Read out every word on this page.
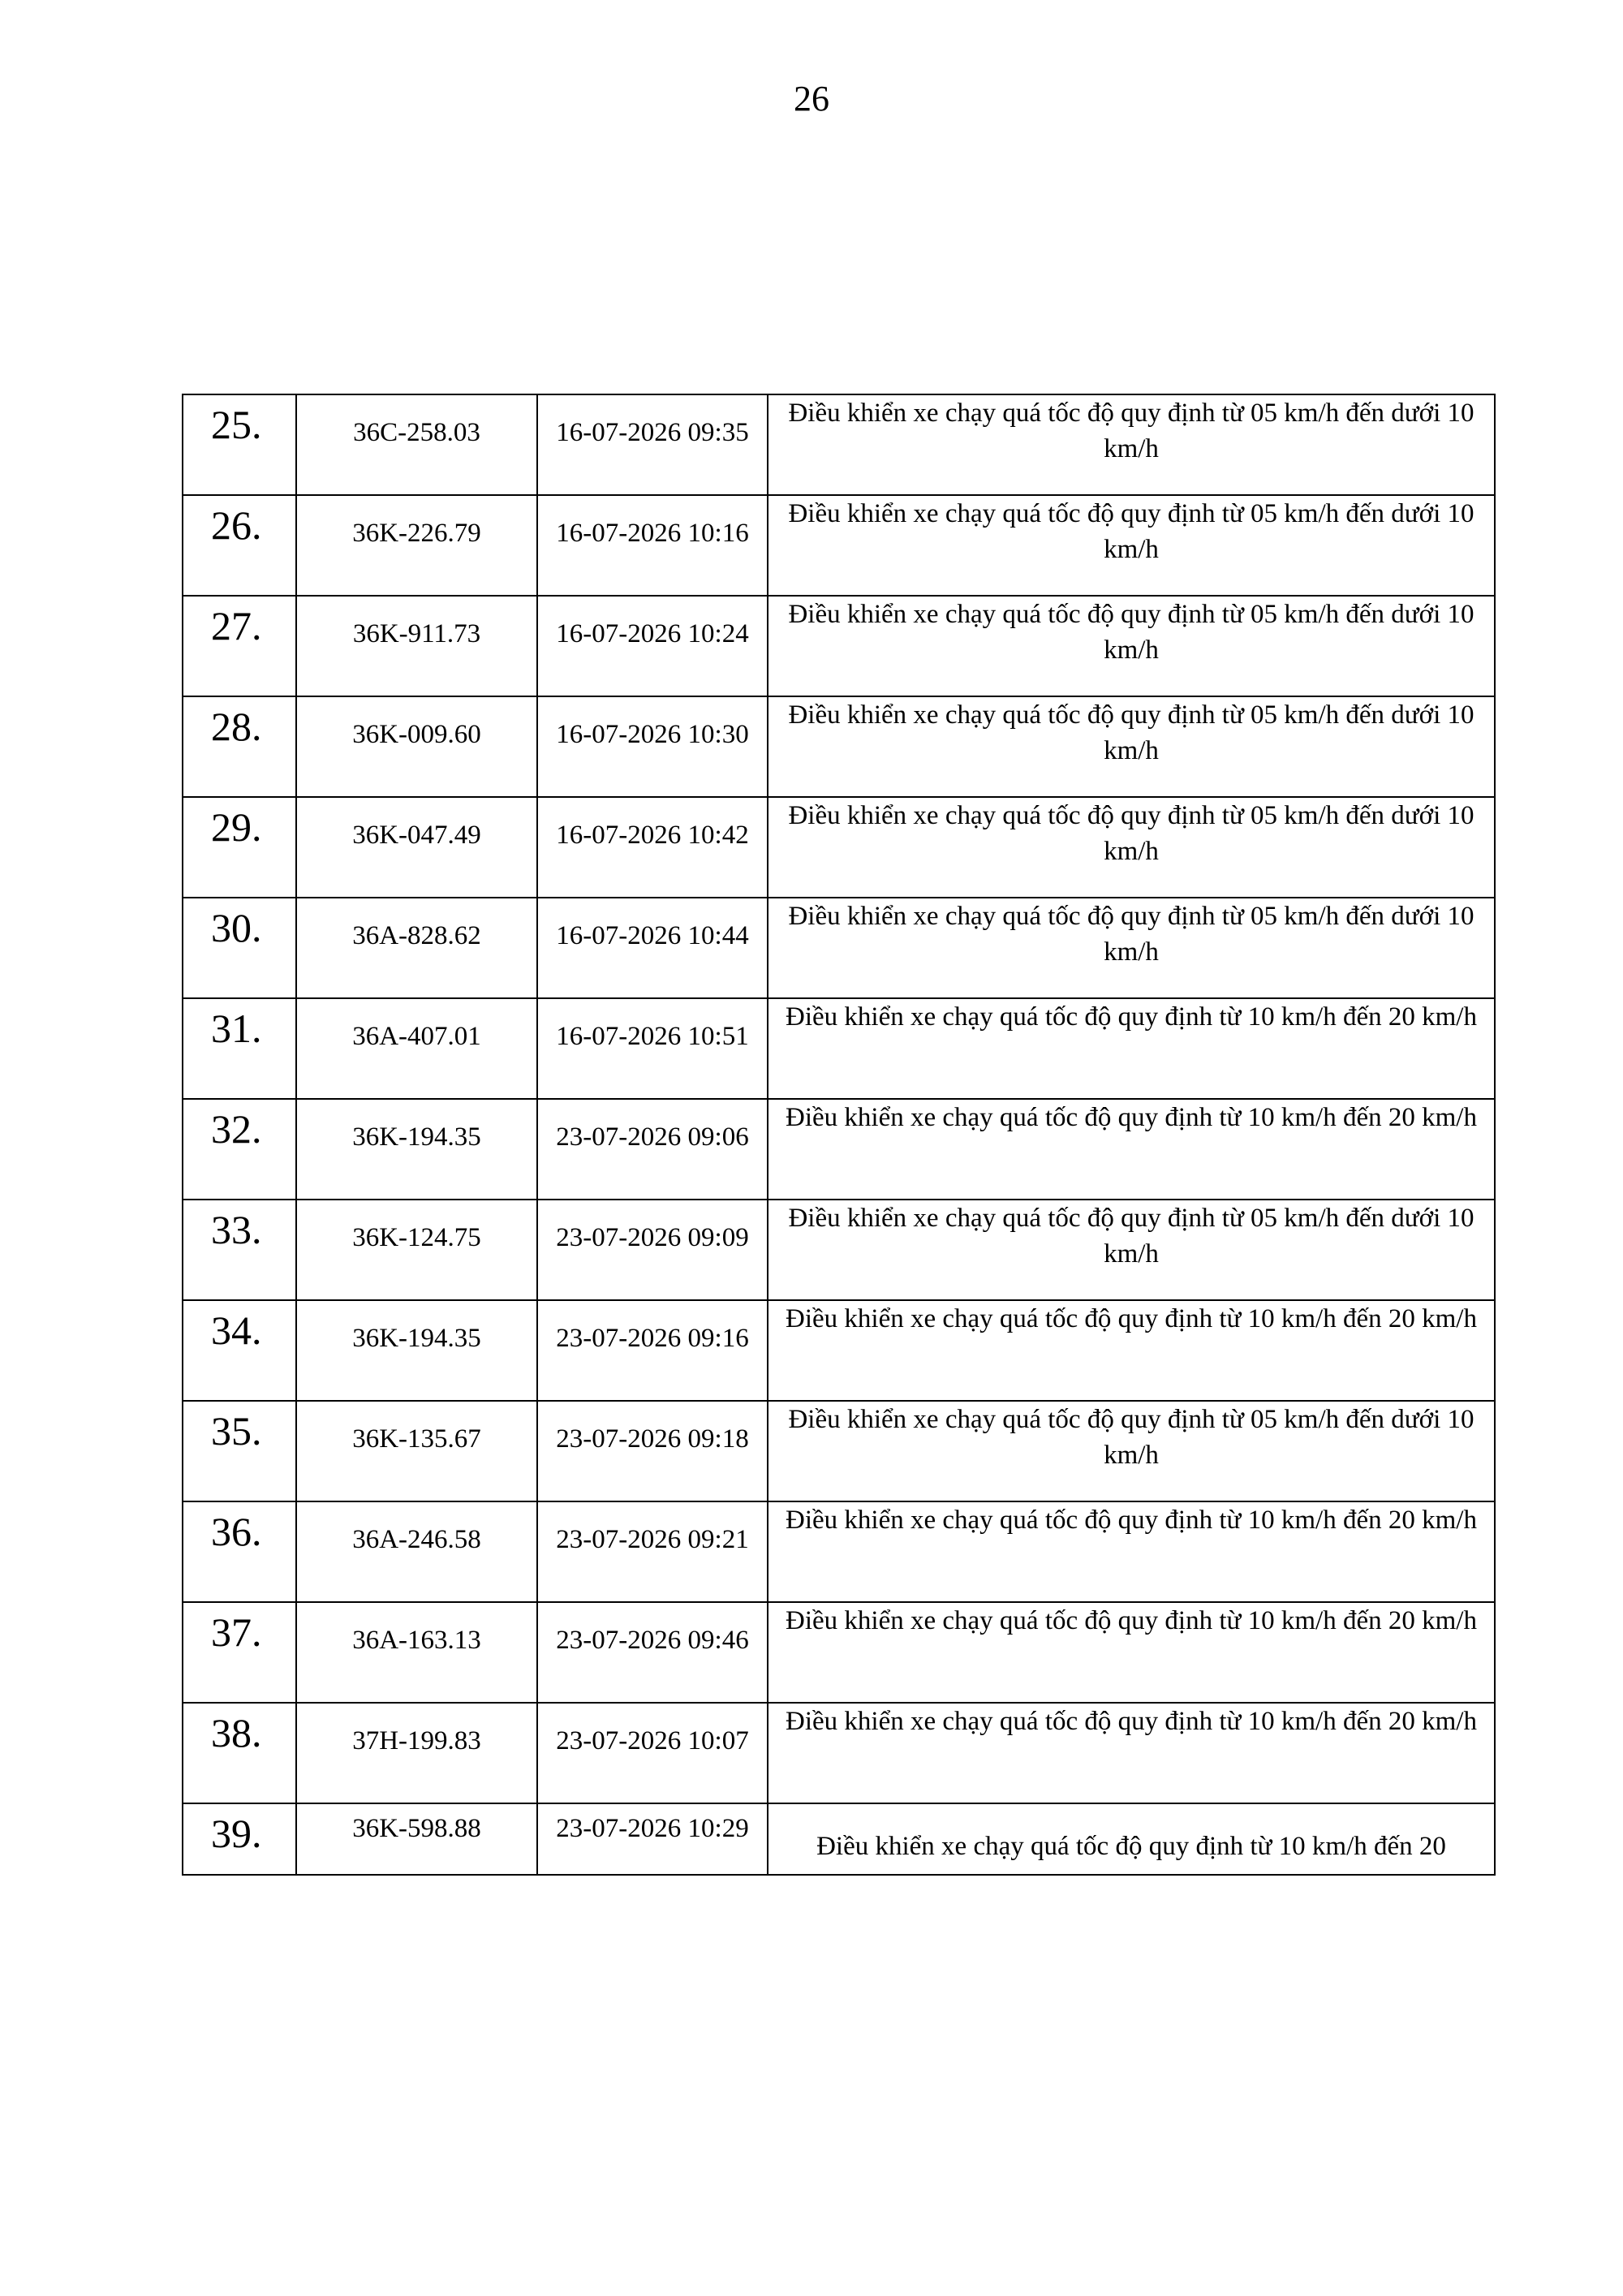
26
25.	36C-258.03	16-07-2026 09:35	Điều khiển xe chạy quá tốc độ quy định từ 05 km/h đến dưới 10 km/h

26.	36K-226.79	16-07-2026 10:16	Điều khiển xe chạy quá tốc độ quy định từ 05 km/h đến dưới 10 km/h

27.	36K-911.73	16-07-2026 10:24	Điều khiển xe chạy quá tốc độ quy định từ 05 km/h đến dưới 10 km/h

28.	36K-009.60	16-07-2026 10:30	Điều khiển xe chạy quá tốc độ quy định từ 05 km/h đến dưới 10 km/h

29.	36K-047.49	16-07-2026 10:42	Điều khiển xe chạy quá tốc độ quy định từ 05 km/h đến dưới 10 km/h

30.	36A-828.62	16-07-2026 10:44	Điều khiển xe chạy quá tốc độ quy định từ 05 km/h đến dưới 10 km/h

31.	36A-407.01	16-07-2026 10:51	Điều khiển xe chạy quá tốc độ quy định từ 10 km/h đến 20 km/h

32.	36K-194.35	23-07-2026 09:06	Điều khiển xe chạy quá tốc độ quy định từ 10 km/h đến 20 km/h

33.	36K-124.75	23-07-2026 09:09	Điều khiển xe chạy quá tốc độ quy định từ 05 km/h đến dưới 10 km/h

34.	36K-194.35	23-07-2026 09:16	Điều khiển xe chạy quá tốc độ quy định từ 10 km/h đến 20 km/h

35.	36K-135.67	23-07-2026 09:18	Điều khiển xe chạy quá tốc độ quy định từ 05 km/h đến dưới 10 km/h

36.	36A-246.58	23-07-2026 09:21	Điều khiển xe chạy quá tốc độ quy định từ 10 km/h đến 20 km/h

37.	36A-163.13	23-07-2026 09:46	Điều khiển xe chạy quá tốc độ quy định từ 10 km/h đến 20 km/h

38.	37H-199.83	23-07-2026 10:07	Điều khiển xe chạy quá tốc độ quy định từ 10 km/h đến 20 km/h

39.	36K-598.88	23-07-2026 10:29	Điều khiển xe chạy quá tốc độ quy định từ 10 km/h đến 20
